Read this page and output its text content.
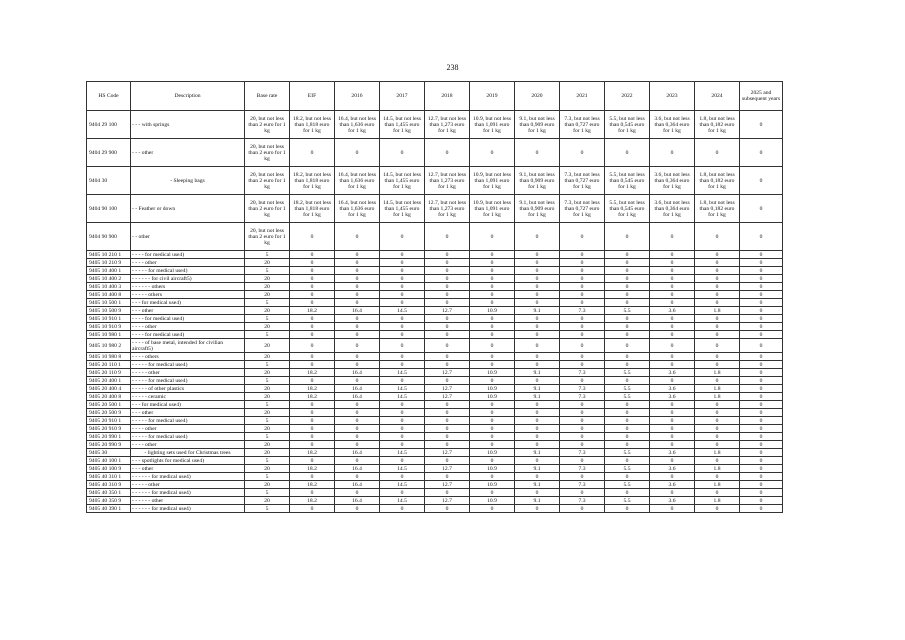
238
HS Code	Description	Base rate	EIF	2016	2017	2018	2019	2020	2021	2022	2023	2024	2025 and subsequent years
9404 29 100	- - - with springs	20, but not less than 2 euro for 1 kg	18.2, but not less than 1,818 euro for 1 kg	16.4, but not less than 1,636 euro for 1 kg	14.5, but not less than 1,455 euro for 1 kg	12.7, but not less than 1,273 euro for 1 kg	10.9, but not less than 1,091 euro for 1 kg	9.1, but not less than 0,909 euro for 1 kg	7.3, but not less than 0,727 euro for 1 kg	5.5, but not less than 0,545 euro for 1 kg	3.6, but not less than 0,364 euro for 1 kg	1.8, but not less than 0,182 euro for 1 kg	0
9404 29 900	- - - other	20, but not less than 2 euro for 1 kg	0	0	0	0	0	0	0	0	0	0	0
9404 30	- Sleeping bags	20, but not less than 2 euro for 1 kg	18.2, but not less than 1,818 euro for 1 kg	16.4, but not less than 1,636 euro for 1 kg	14.5, but not less than 1,455 euro for 1 kg	12.7, but not less than 1,273 euro for 1 kg	10.9, but not less than 1,091 euro for 1 kg	9.1, but not less than 0,909 euro for 1 kg	7.3, but not less than 0,727 euro for 1 kg	5.5, but not less than 0,545 euro for 1 kg	3.6, but not less than 0,364 euro for 1 kg	1.8, but not less than 0,182 euro for 1 kg	0
9404 90 100	- - Feather or down	20, but not less than 2 euro for 1 kg	18.2, but not less than 1,818 euro for 1 kg	16.4, but not less than 1,636 euro for 1 kg	14.5, but not less than 1,455 euro for 1 kg	12.7, but not less than 1,273 euro for 1 kg	10.9, but not less than 1,091 euro for 1 kg	9.1, but not less than 0,909 euro for 1 kg	7.3, but not less than 0,727 euro for 1 kg	5.5, but not less than 0,545 euro for 1 kg	3.6, but not less than 0,364 euro for 1 kg	1.8, but not less than 0,182 euro for 1 kg	0
9404 90 900	- - other	20, but not less than 2 euro for 1 kg	0	0	0	0	0	0	0	0	0	0	0
9405 10 210 1	- - - - for medical use4)	5	0	0	0	0	0	0	0	0	0	0	0
9405 10 210 9	- - - - other	20	0	0	0	0	0	0	0	0	0	0	0
9405 10 400 1	- - - - - for medical use4)	5	0	0	0	0	0	0	0	0	0	0	0
9405 10 400 2	- - - - - - for civil aircraft5)	20	0	0	0	0	0	0	0	0	0	0	0
9405 10 400 3	- - - - - - others	20	0	0	0	0	0	0	0	0	0	0	0
9405 10 400 8	- - - - - others	20	0	0	0	0	0	0	0	0	0	0	0
9405 10 500 1	- - - for medical use4)	5	0	0	0	0	0	0	0	0	0	0	0
9405 10 500 9	- - - other	20	18.2	16.4	14.5	12.7	10.9	9.1	7.3	5.5	3.6	1.8	0
9405 10 910 1	- - - - for medical use4)	5	0	0	0	0	0	0	0	0	0	0	0
9405 10 910 9	- - - - other	20	0	0	0	0	0	0	0	0	0	0	0
9405 10 980 1	- - - - for medical use4)	5	0	0	0	0	0	0	0	0	0	0	0
9405 10 980 2	- - - - of base metal, intended for civilian aircraft5)	20	0	0	0	0	0	0	0	0	0	0	0
9405 10 980 8	- - - - others	20	0	0	0	0	0	0	0	0	0	0	0
9405 20 110 1	- - - - - for medical use4)	5	0	0	0	0	0	0	0	0	0	0	0
9405 20 110 9	- - - - - other	20	18.2	16.4	14.5	12.7	10.9	9.1	7.3	5.5	3.6	1.8	0
9405 20 400 1	- - - - - for medical use4)	5	0	0	0	0	0	0	0	0	0	0	0
9405 20 400 4	- - - - - of other plastics	20	18.2	16.4	14.5	12.7	10.9	9.1	7.3	5.5	3.6	1.8	0
9405 20 400 8	- - - - - ceramic	20	18.2	16.4	14.5	12.7	10.9	9.1	7.3	5.5	3.6	1.8	0
9405 20 500 1	- - - for medical use4)	5	0	0	0	0	0	0	0	0	0	0	0
9405 20 500 9	- - - other	20	0	0	0	0	0	0	0	0	0	0	0
9405 20 910 1	- - - - - for medical use4)	5	0	0	0	0	0	0	0	0	0	0	0
9405 20 910 9	- - - - other	20	0	0	0	0	0	0	0	0	0	0	0
9405 20 990 1	- - - - - for medical use4)	5	0	0	0	0	0	0	0	0	0	0	0
9405 20 990 9	- - - - other	20	0	0	0	0	0	0	0	0	0	0	0
9405 30	- lighting sets used for Christmas trees	20	18.2	16.4	14.5	12.7	10.9	9.1	7.3	5.5	3.6	1.8	0
9405 40 100 1	- - - spotlights for medical use4)	5	0	0	0	0	0	0	0	0	0	0	0
9405 40 100 9	- - - other	20	18.2	16.4	14.5	12.7	10.9	9.1	7.3	5.5	3.6	1.8	0
9405 40 310 1	- - - - - - for medical use4)	5	0	0	0	0	0	0	0	0	0	0	0
9405 40 310 9	- - - - - other	20	18.2	16.4	14.5	12.7	10.9	9.1	7.3	5.5	3.6	1.8	0
9405 40 350 1	- - - - - - for medical use4)	5	0	0	0	0	0	0	0	0	0	0	0
9405 40 350 9	- - - - - - other	20	18.2	16.4	14.5	12.7	10.9	9.1	7.3	5.5	3.6	1.8	0
9405 40 390 1	- - - - - - for medical use4)	5	0	0	0	0	0	0	0	0	0	0	0
